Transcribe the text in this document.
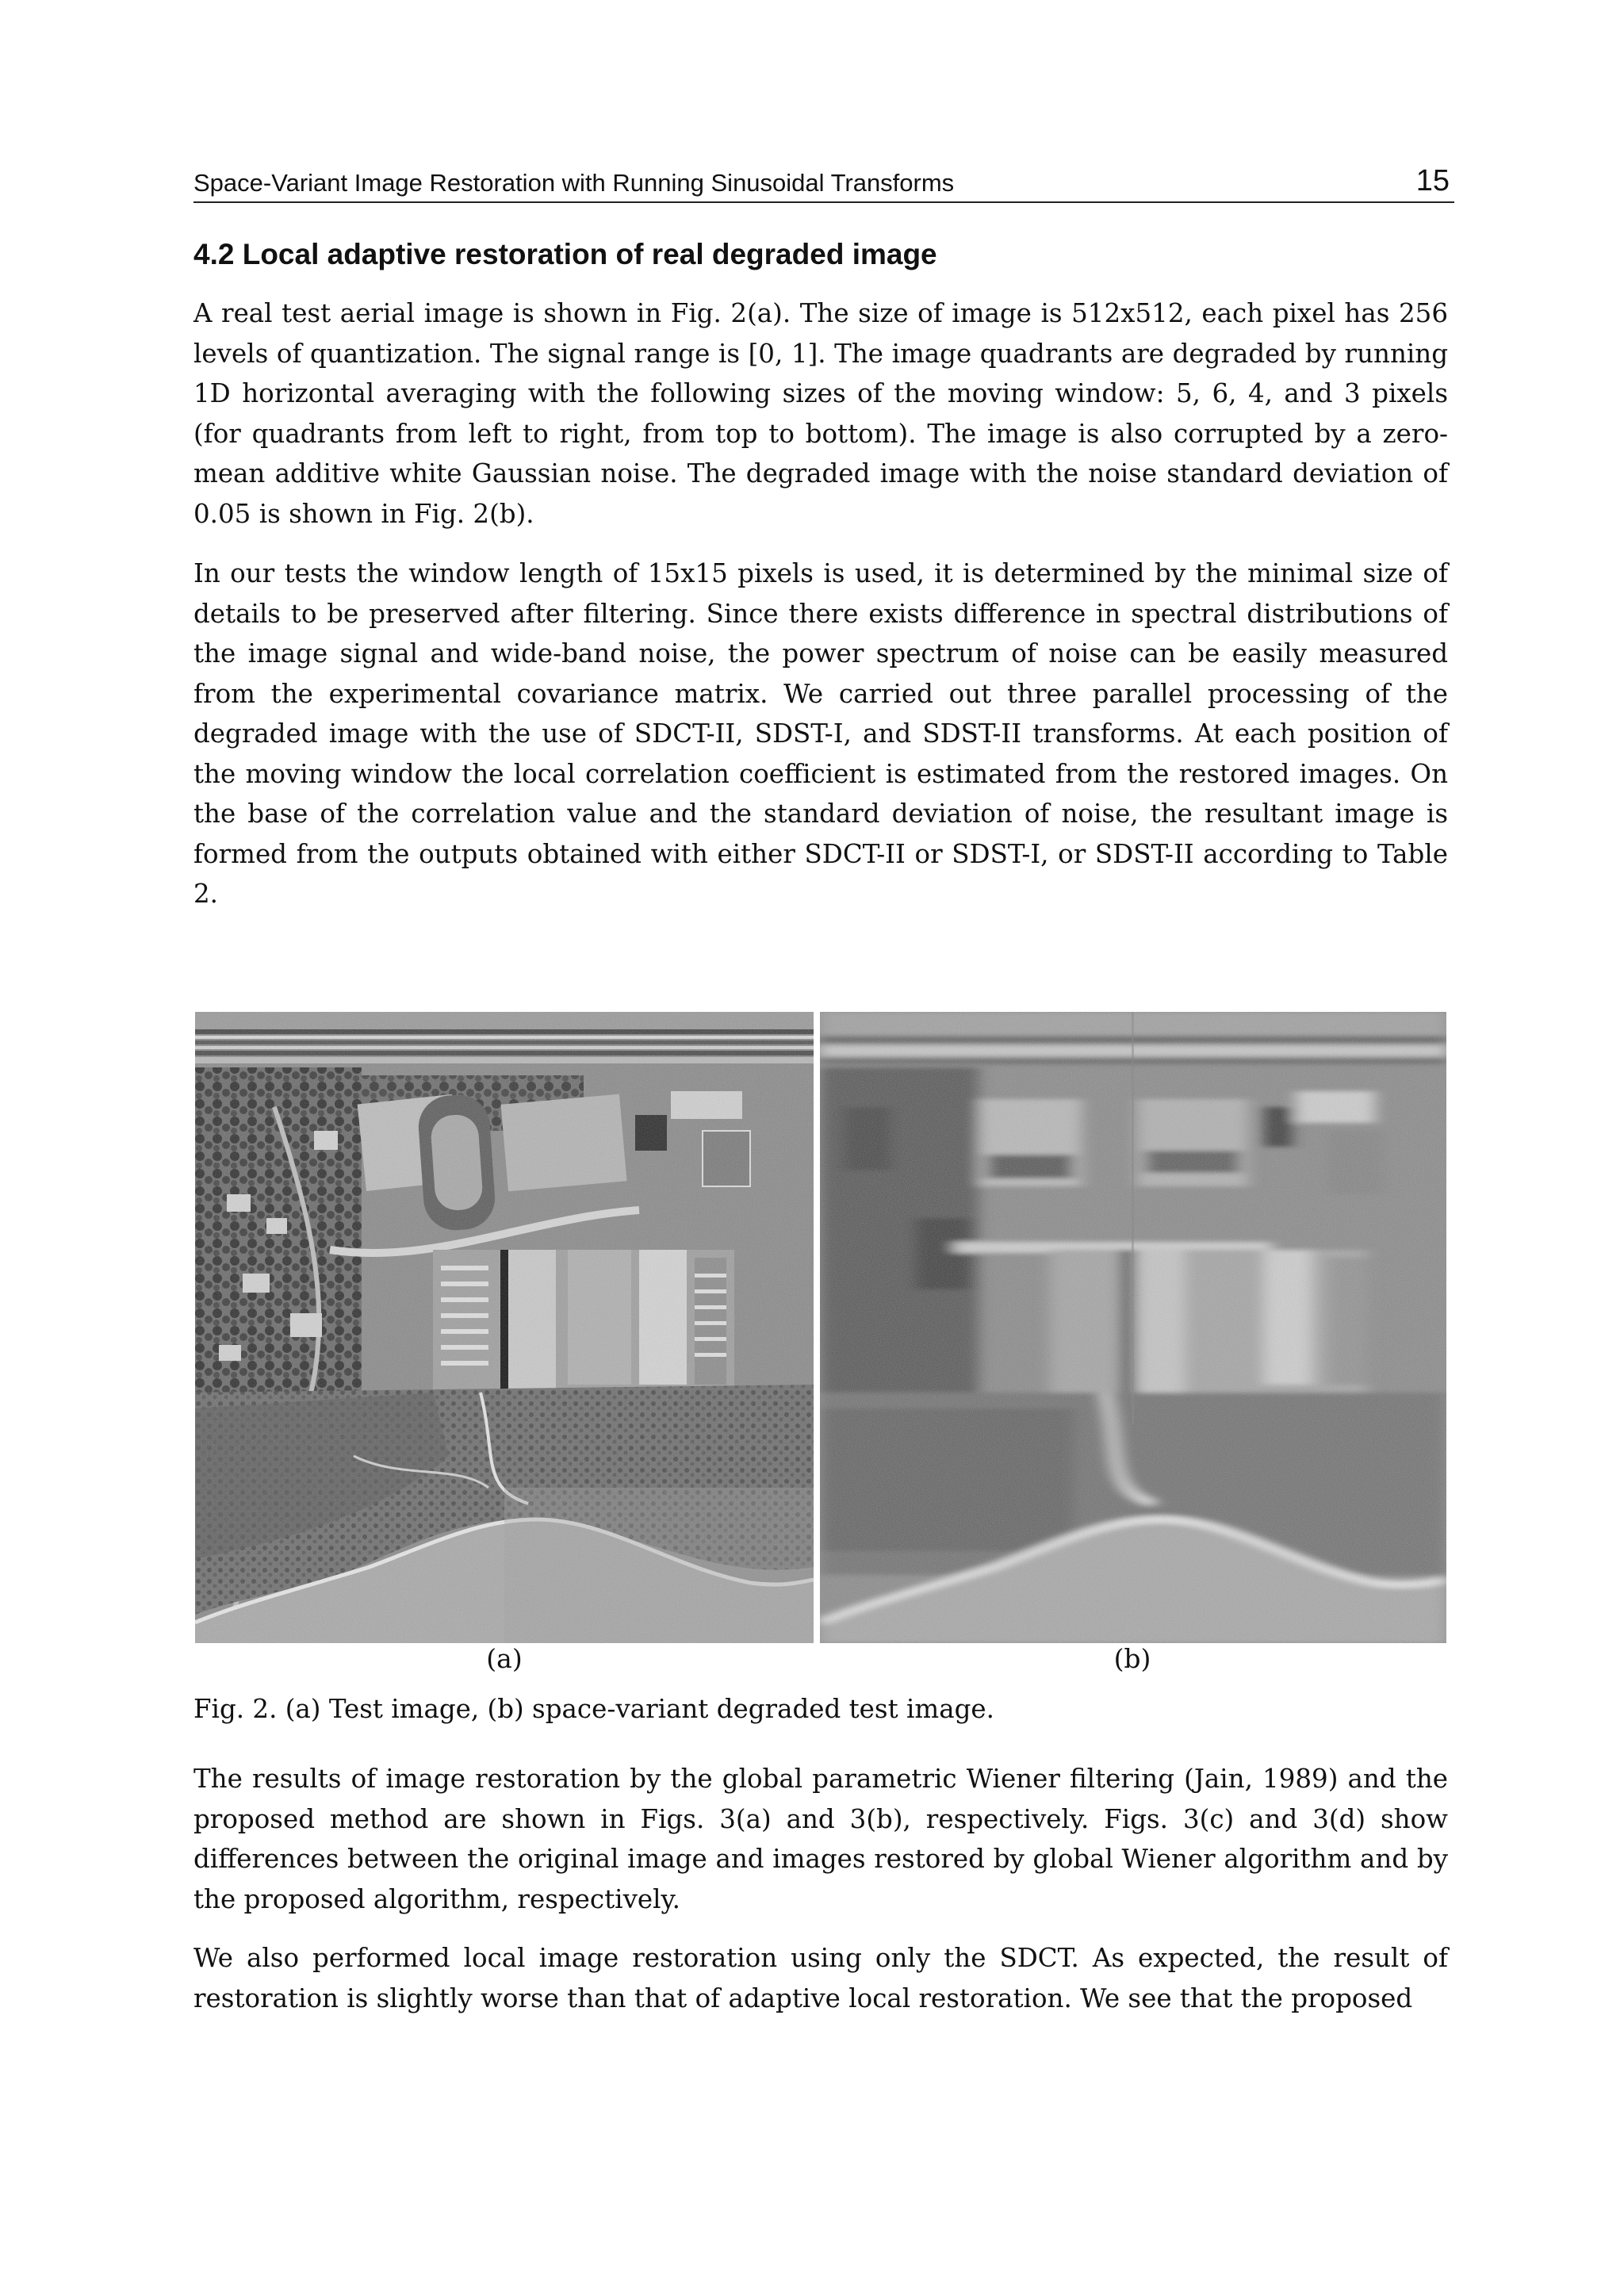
Space-Variant Image Restoration with Running Sinusoidal Transforms	15
4.2 Local adaptive restoration of real degraded image

A real test aerial image is shown in Fig. 2(a). The size of image is 512x512, each pixel has 256 levels of quantization. The signal range is [0, 1]. The image quadrants are degraded by running 1D horizontal averaging with the following sizes of the moving window: 5, 6, 4, and 3 pixels (for quadrants from left to right, from top to bottom). The image is also corrupted by a zero-mean additive white Gaussian noise. The degraded image with the noise standard deviation of 0.05 is shown in Fig. 2(b).

In our tests the window length of 15x15 pixels is used, it is determined by the minimal size of details to be preserved after filtering. Since there exists difference in spectral distributions of the image signal and wide-band noise, the power spectrum of noise can be easily measured from the experimental covariance matrix. We carried out three parallel processing of the degraded image with the use of SDCT-II, SDST-I, and SDST-II transforms. At each position of the moving window the local correlation coefficient is estimated from the restored images. On the base of the correlation value and the standard deviation of noise, the resultant image is formed from the outputs obtained with either SDCT-II or SDST-I, or SDST-II according to Table 2.

(a)	(b)

Fig. 2. (a) Test image, (b) space-variant degraded test image.

The results of image restoration by the global parametric Wiener filtering (Jain, 1989) and the proposed method are shown in Figs. 3(a) and 3(b), respectively. Figs. 3(c) and 3(d) show differences between the original image and images restored by global Wiener algorithm and by the proposed algorithm, respectively.

We also performed local image restoration using only the SDCT. As expected, the result of restoration is slightly worse than that of adaptive local restoration. We see that the proposed
